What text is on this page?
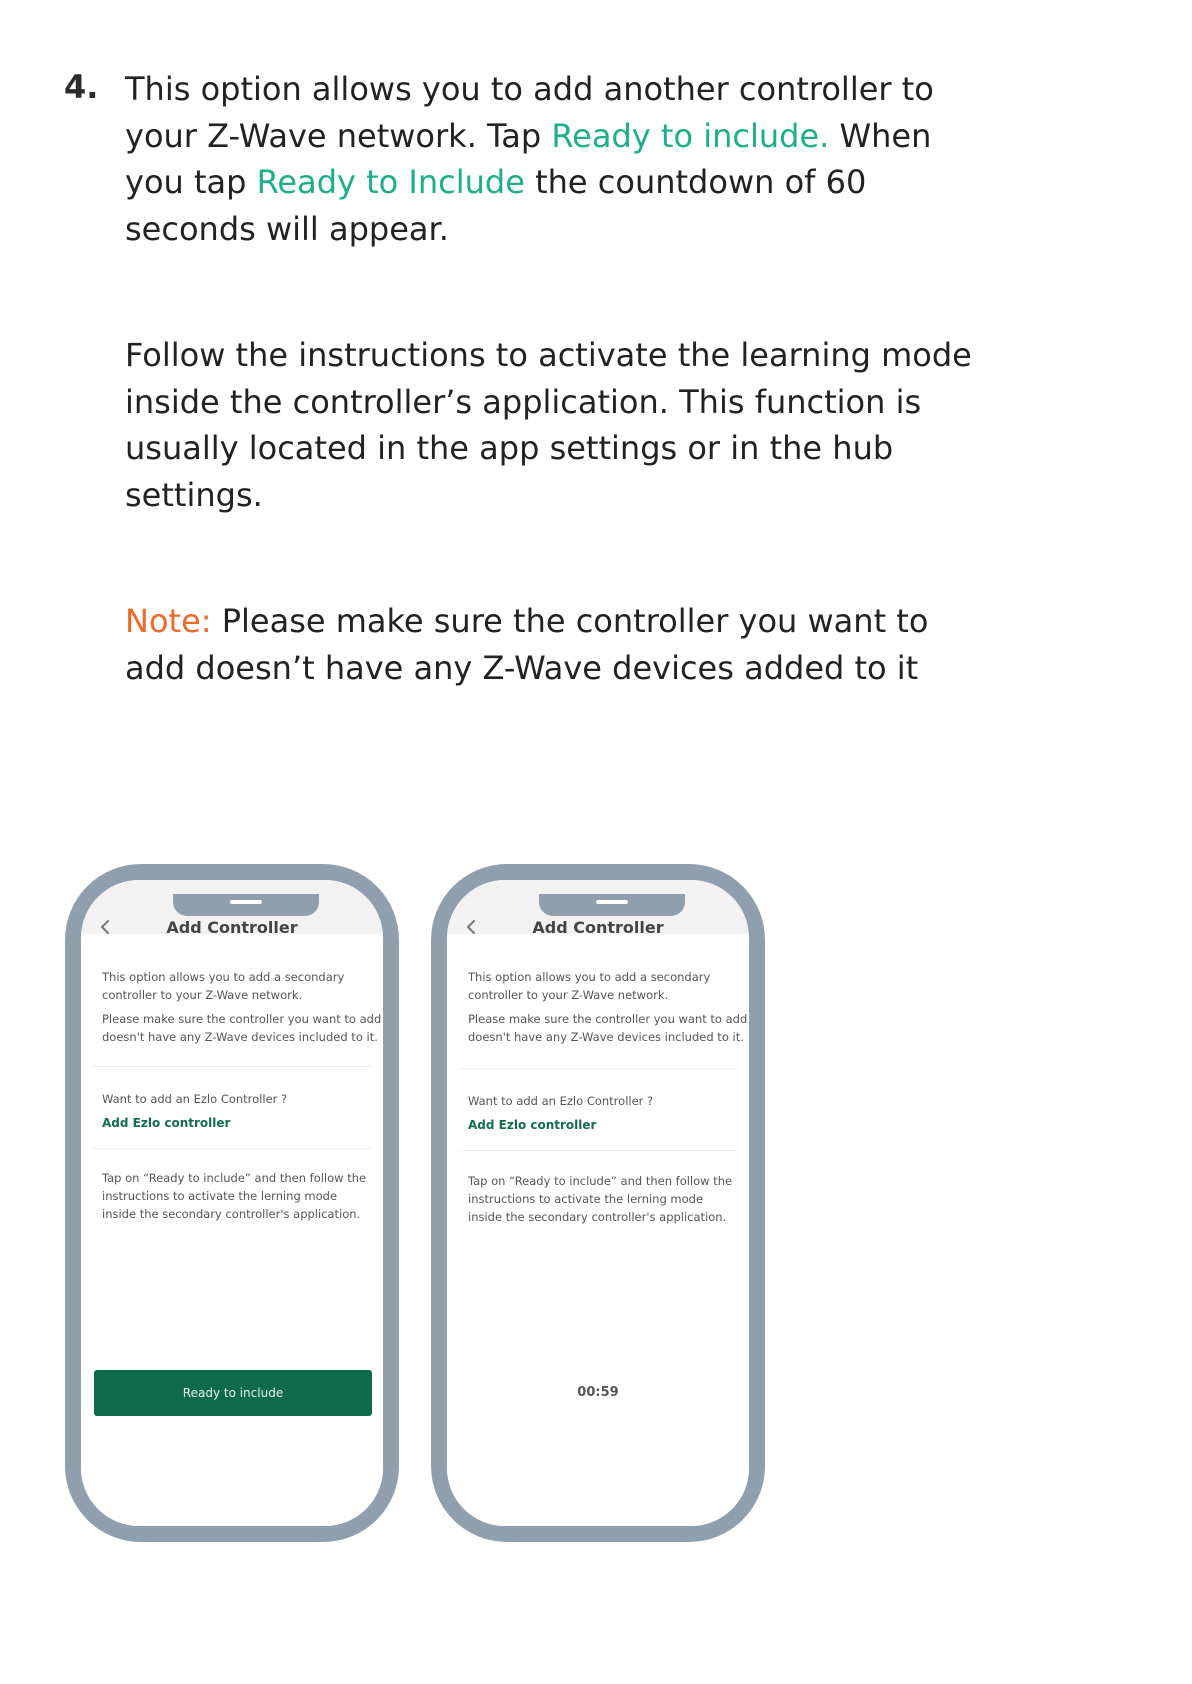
4. This option allows you to add another controller to your Z-Wave network. Tap Ready to include. When you tap Ready to Include the countdown of 60 seconds will appear.
Follow the instructions to activate the learning mode inside the controller’s application. This function is usually located in the app settings or in the hub settings.
Note: Please make sure the controller you want to add doesn’t have any Z-Wave devices added to it
Add Controller
This option allows you to add a secondary controller to your Z-Wave network.
Please make sure the controller you want to add doesn't have any Z-Wave devices included to it.
Want to add an Ezlo Controller ?
Add Ezlo controller
Tap on “Ready to include” and then follow the instructions to activate the lerning mode inside the secondary controller's application.
Ready to include
Add Controller
This option allows you to add a secondary controller to your Z-Wave network.
Please make sure the controller you want to add doesn't have any Z-Wave devices included to it.
Want to add an Ezlo Controller ?
Add Ezlo controller
Tap on “Ready to include” and then follow the instructions to activate the lerning mode inside the secondary controller's application.
00:59
